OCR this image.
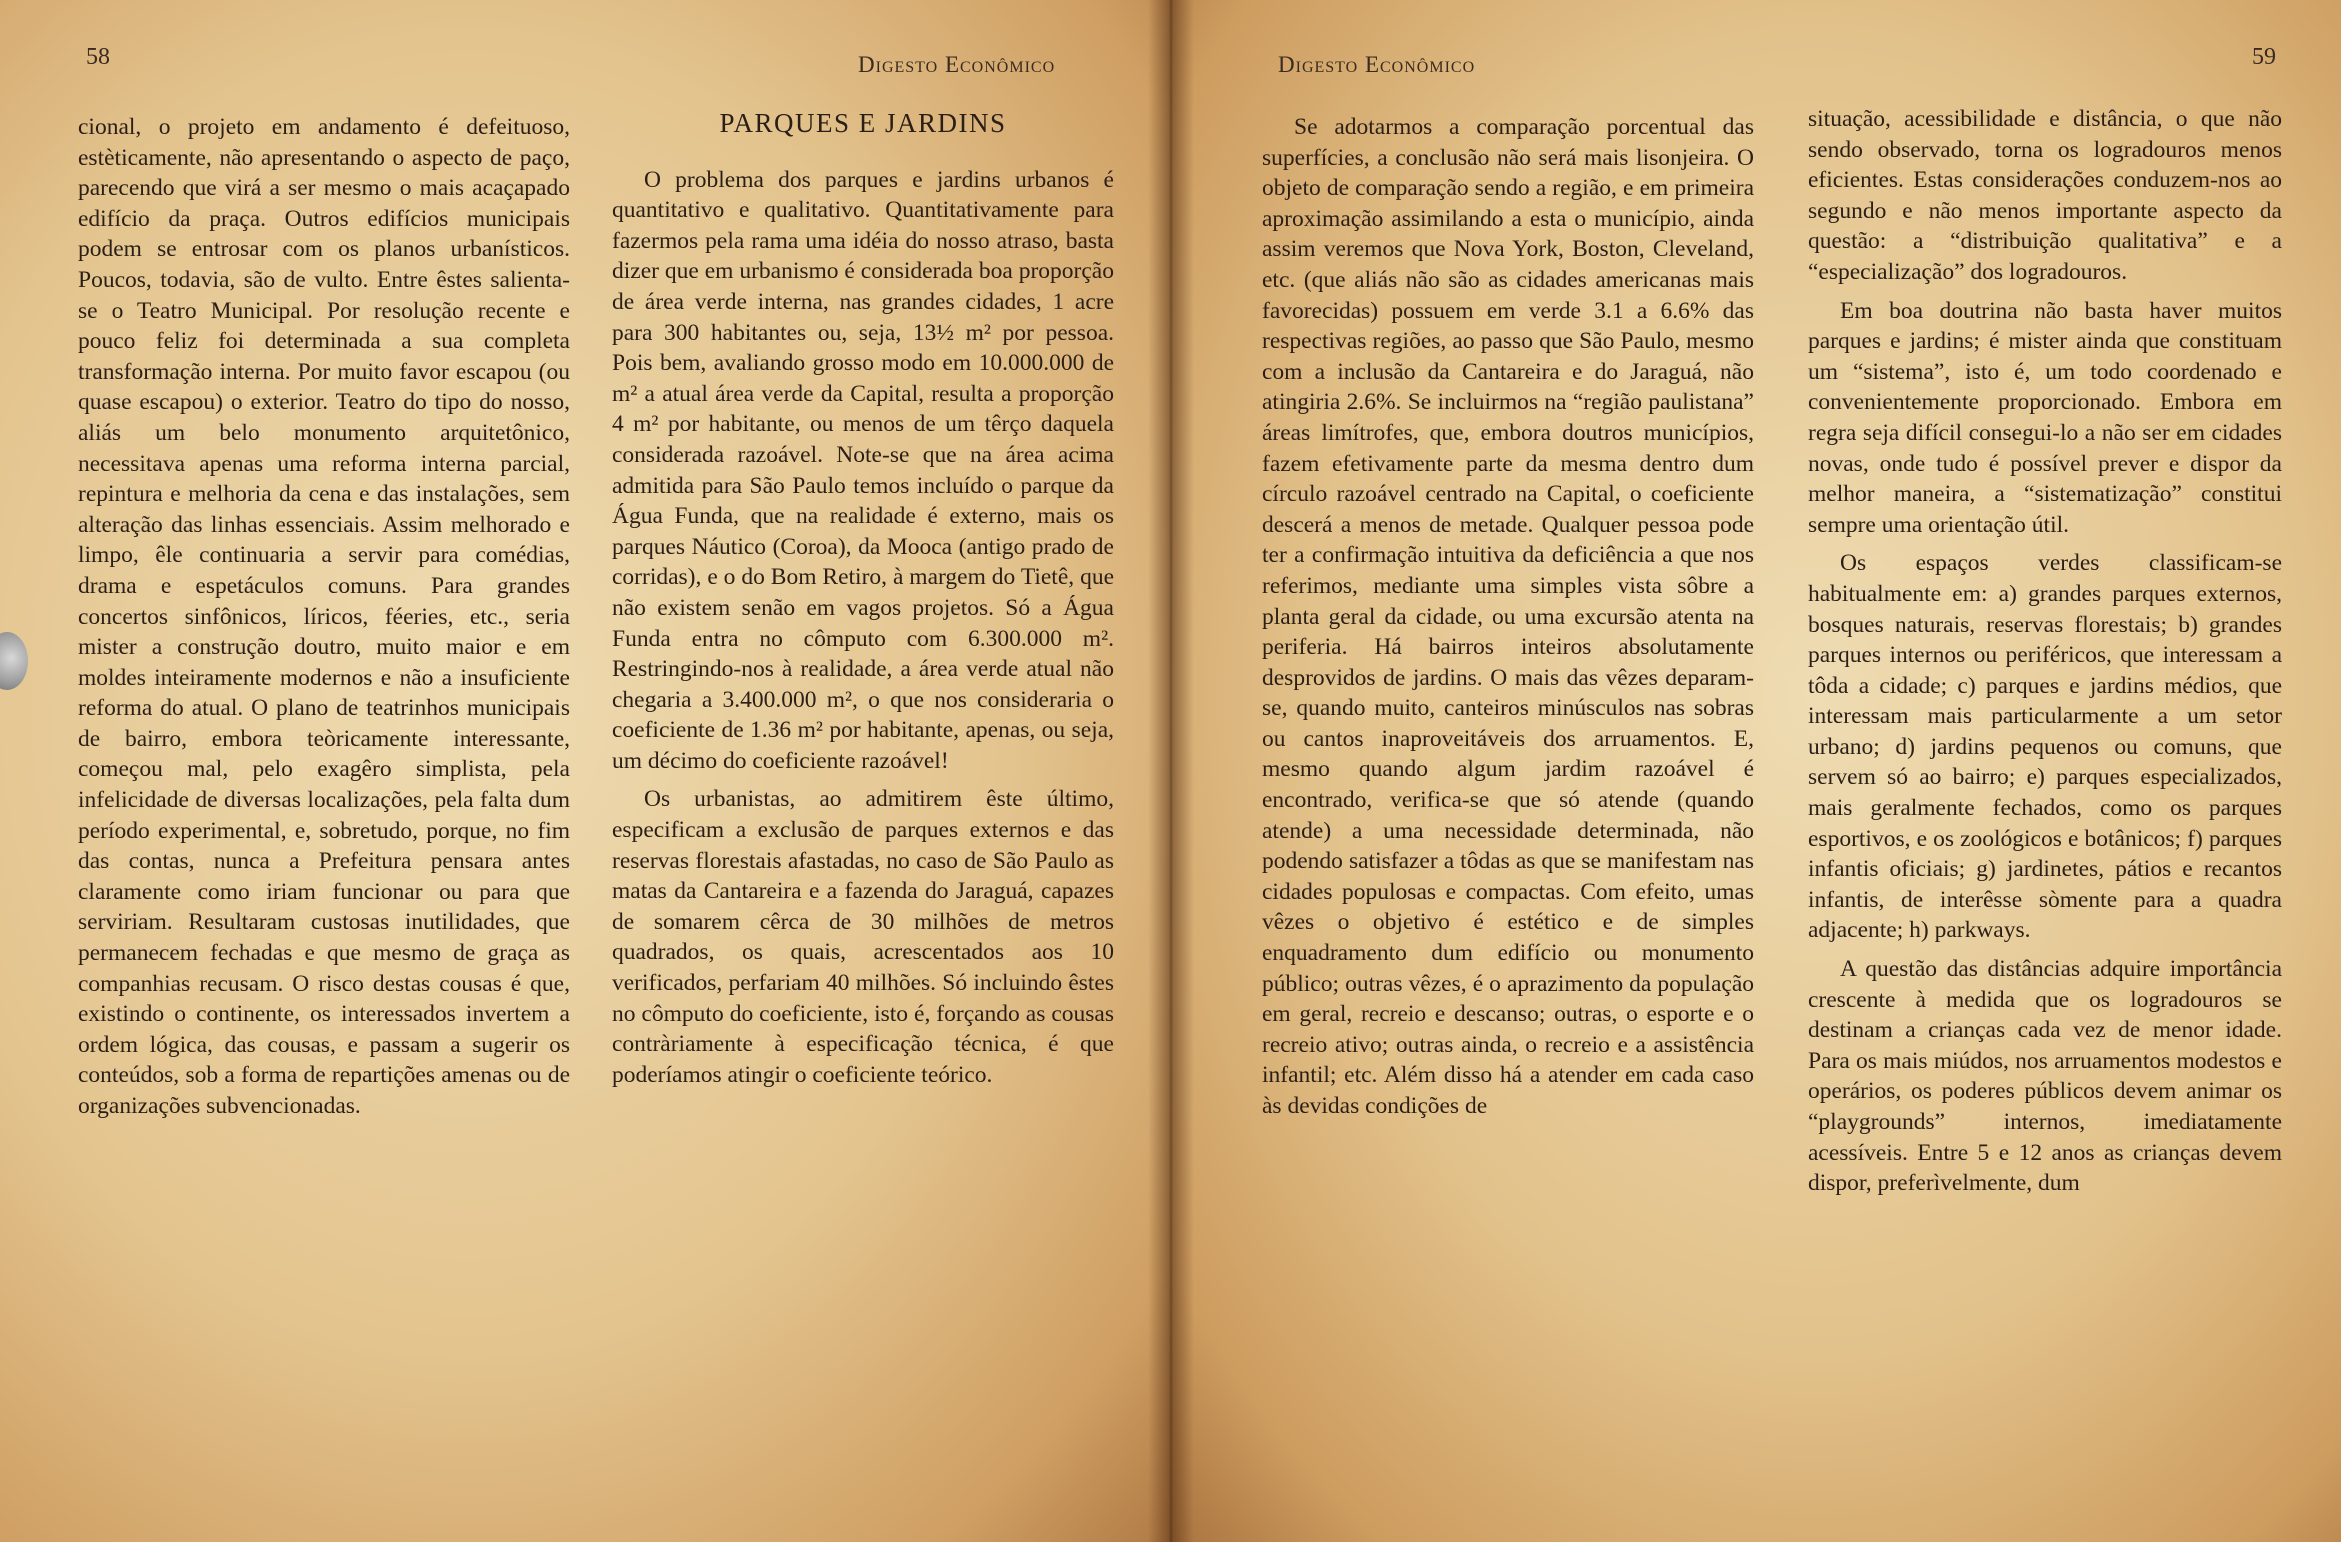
58	Digesto Econômico

cional, o projeto em andamento é defeituoso, estèticamente, não apresentando o aspecto de paço, parecendo que virá a ser mesmo o mais acaçapado edifício da praça. Outros edifícios municipais podem se entrosar com os planos urbanísticos. Poucos, todavia, são de vulto. Entre êstes salienta-se o Teatro Municipal. Por resolução recente e pouco feliz foi determinada a sua completa transformação interna. Por muito favor escapou (ou quase escapou) o exterior. Teatro do tipo do nosso, aliás um belo monumento arquitetônico, necessitava apenas uma reforma interna parcial, repintura e melhoria da cena e das instalações, sem alteração das linhas essenciais. Assim melhorado e limpo, êle continuaria a servir para comédias, drama e espetáculos comuns. Para grandes concertos sinfônicos, líricos, féeries, etc., seria mister a construção doutro, muito maior e em moldes inteiramente modernos e não a insuficiente reforma do atual. O plano de teatrinhos municipais de bairro, embora teòricamente interessante, começou mal, pelo exagêro simplista, pela infelicidade de diversas localizações, pela falta dum período experimental, e, sobretudo, porque, no fim das contas, nunca a Prefeitura pensara antes claramente como iriam funcionar ou para que serviriam. Resultaram custosas inutilidades, que permanecem fechadas e que mesmo de graça as companhias recusam. O risco destas cousas é que, existindo o continente, os interessados invertem a ordem lógica, das cousas, e passam a sugerir os conteúdos, sob a forma de repartições amenas ou de organizações subvencionadas.

PARQUES E JARDINS

O problema dos parques e jardins urbanos é quantitativo e qualitativo. Quantitativamente para fazermos pela rama uma idéia do nosso atraso, basta dizer que em urbanismo é considerada boa proporção de área verde interna, nas grandes cidades, 1 acre para 300 habitantes ou, seja, 13½ m² por pessoa. Pois bem, avaliando grosso modo em 10.000.000 de m² a atual área verde da Capital, resulta a proporção 4 m² por habitante, ou menos de um têrço daquela considerada razoável. Note-se que na área acima admitida para São Paulo temos incluído o parque da Água Funda, que na realidade é externo, mais os parques Náutico (Coroa), da Mooca (antigo prado de corridas), e o do Bom Retiro, à margem do Tietê, que não existem senão em vagos projetos. Só a Água Funda entra no cômputo com 6.300.000 m². Restringindo-nos à realidade, a área verde atual não chegaria a 3.400.000 m², o que nos consideraria o coeficiente de 1.36 m² por habitante, apenas, ou seja, um décimo do coeficiente razoável!

Os urbanistas, ao admitirem êste último, especificam a exclusão de parques externos e das reservas florestais afastadas, no caso de São Paulo as matas da Cantareira e a fazenda do Jaraguá, capazes de somarem cêrca de 30 milhões de metros quadrados, os quais, acrescentados aos 10 verificados, perfariam 40 milhões. Só incluindo êstes no cômputo do coeficiente, isto é, forçando as cousas contràriamente à especificação técnica, é que poderíamos atingir o coeficiente teórico.

Digesto Econômico	59

Se adotarmos a comparação porcentual das superfícies, a conclusão não será mais lisonjeira. O objeto de comparação sendo a região, e em primeira aproximação assimilando a esta o município, ainda assim veremos que Nova York, Boston, Cleveland, etc. (que aliás não são as cidades americanas mais favorecidas) possuem em verde 3.1 a 6.6% das respectivas regiões, ao passo que São Paulo, mesmo com a inclusão da Cantareira e do Jaraguá, não atingiria 2.6%. Se incluirmos na “região paulistana” áreas limítrofes, que, embora doutros municípios, fazem efetivamente parte da mesma dentro dum círculo razoável centrado na Capital, o coeficiente descerá a menos de metade. Qualquer pessoa pode ter a confirmação intuitiva da deficiência a que nos referimos, mediante uma simples vista sôbre a planta geral da cidade, ou uma excursão atenta na periferia. Há bairros inteiros absolutamente desprovidos de jardins. O mais das vêzes deparam-se, quando muito, canteiros minúsculos nas sobras ou cantos inaproveitáveis dos arruamentos. E, mesmo quando algum jardim razoável é encontrado, verifica-se que só atende (quando atende) a uma necessidade determinada, não podendo satisfazer a tôdas as que se manifestam nas cidades populosas e compactas. Com efeito, umas vêzes o objetivo é estético e de simples enquadramento dum edifício ou monumento público; outras vêzes, é o aprazimento da população em geral, recreio e descanso; outras, o esporte e o recreio ativo; outras ainda, o recreio e a assistência infantil; etc. Além disso há a atender em cada caso às devidas condições de

situação, acessibilidade e distância, o que não sendo observado, torna os logradouros menos eficientes. Estas considerações conduzem-nos ao segundo e não menos importante aspecto da questão: a “distribuição qualitativa” e a “especialização” dos logradouros.

Em boa doutrina não basta haver muitos parques e jardins; é mister ainda que constituam um “sistema”, isto é, um todo coordenado e convenientemente proporcionado. Embora em regra seja difícil consegui-lo a não ser em cidades novas, onde tudo é possível prever e dispor da melhor maneira, a “sistematização” constitui sempre uma orientação útil.

Os espaços verdes classificam-se habitualmente em: a) grandes parques externos, bosques naturais, reservas florestais; b) grandes parques internos ou periféricos, que interessam a tôda a cidade; c) parques e jardins médios, que interessam mais particularmente a um setor urbano; d) jardins pequenos ou comuns, que servem só ao bairro; e) parques especializados, mais geralmente fechados, como os parques esportivos, e os zoológicos e botânicos; f) parques infantis oficiais; g) jardinetes, pátios e recantos infantis, de interêsse sòmente para a quadra adjacente; h) parkways.

A questão das distâncias adquire importância crescente à medida que os logradouros se destinam a crianças cada vez de menor idade. Para os mais miúdos, nos arruamentos modestos e operários, os poderes públicos devem animar os “playgrounds” internos, imediatamente acessíveis. Entre 5 e 12 anos as crianças devem dispor, preferìvelmente, dum
